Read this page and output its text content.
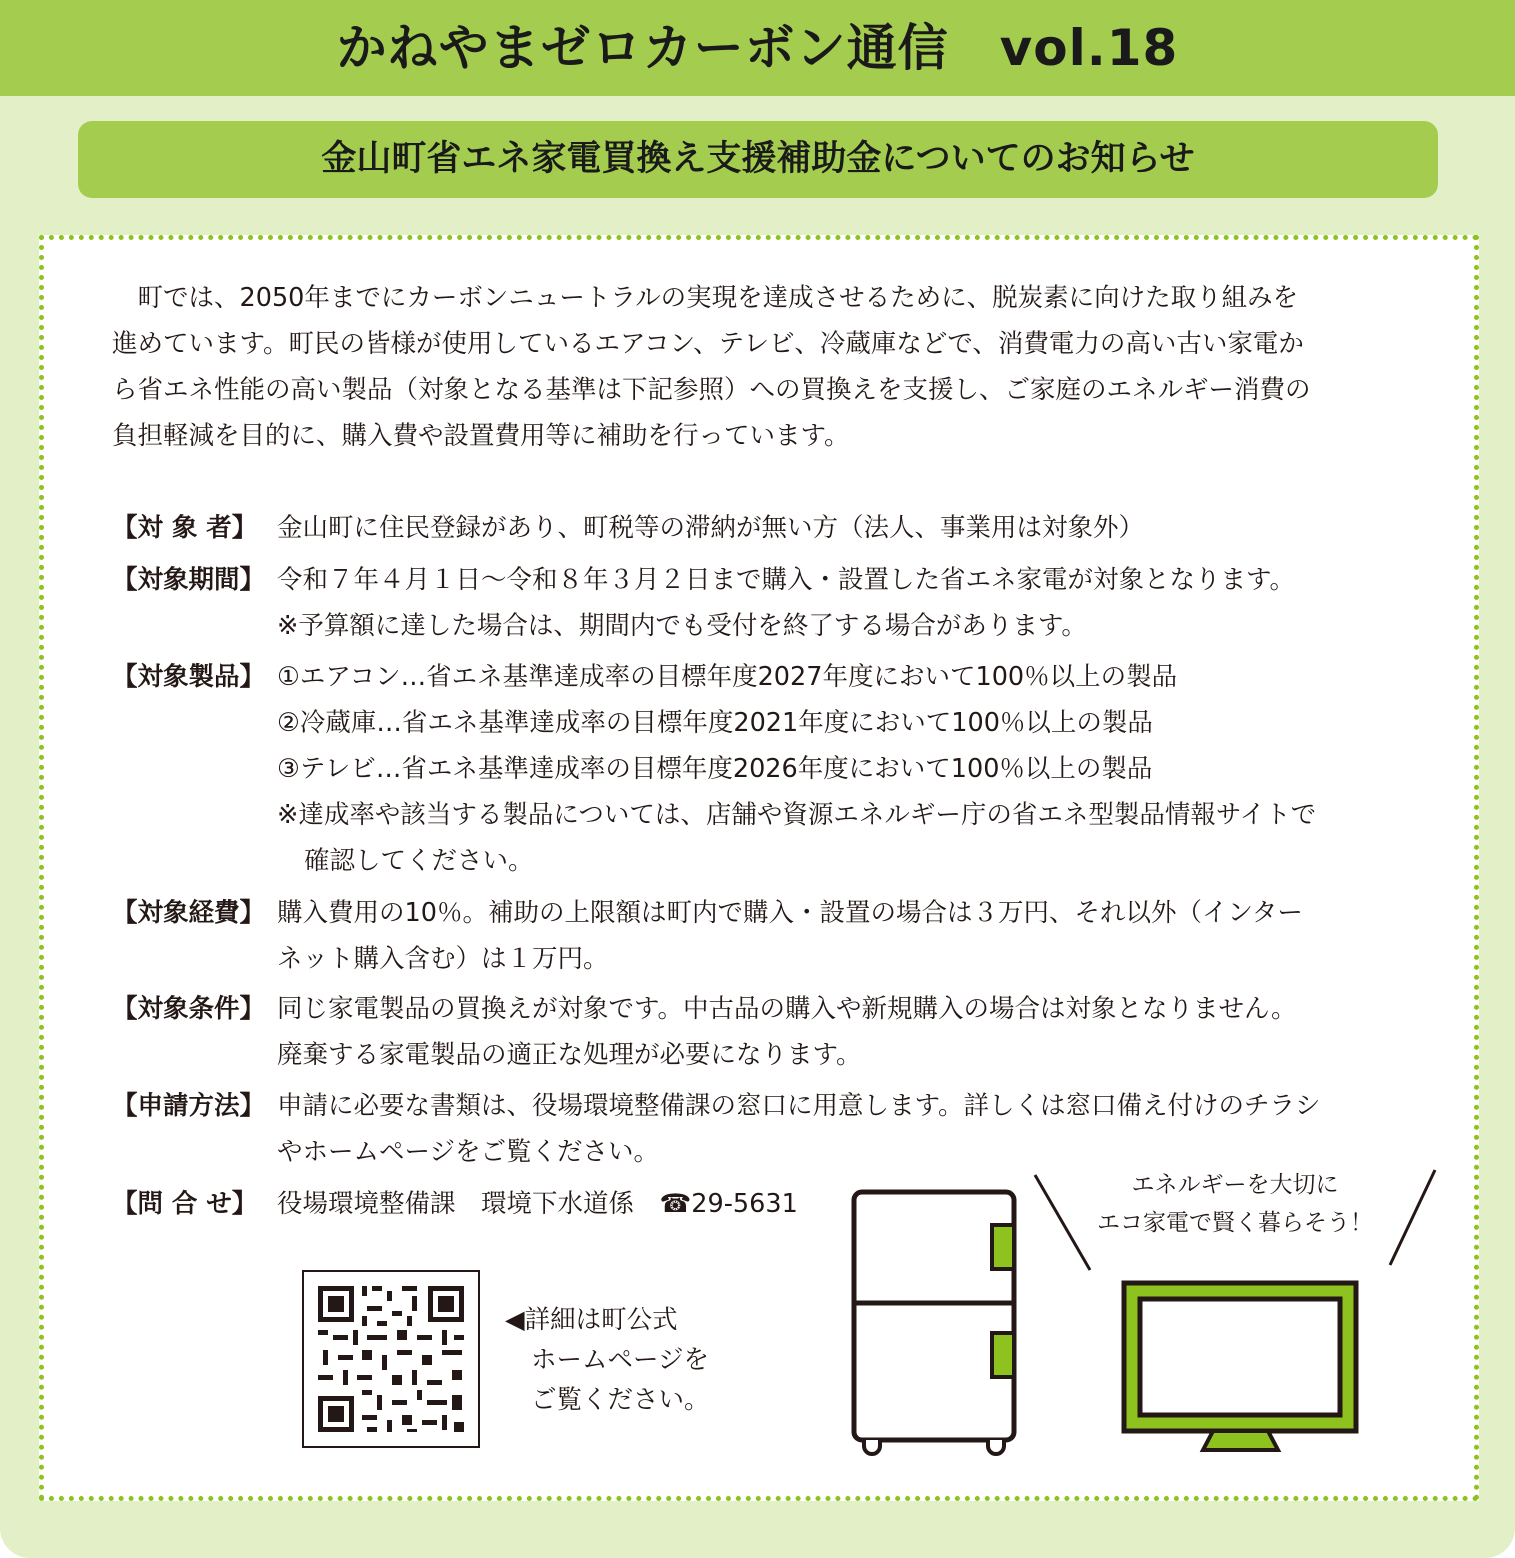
かねやまゼロカーボン通信　vol.18
金山町省エネ家電買換え支援補助金についてのお知らせ

　町では、2050年までにカーボンニュートラルの実現を達成させるために、脱炭素に向けた取り組みを
進めています。町民の皆様が使用しているエアコン、テレビ、冷蔵庫などで、消費電力の高い古い家電か
ら省エネ性能の高い製品（対象となる基準は下記参照）への買換えを支援し、ご家庭のエネルギー消費の
負担軽減を目的に、購入費や設置費用等に補助を行っています。

【対 象 者】 金山町に住民登録があり、町税等の滞納が無い方（法人、事業用は対象外）
【対象期間】 令和７年４月１日～令和８年３月２日まで購入・設置した省エネ家電が対象となります。
※予算額に達した場合は、期間内でも受付を終了する場合があります。
【対象製品】 ①エアコン…省エネ基準達成率の目標年度2027年度において100％以上の製品
②冷蔵庫…省エネ基準達成率の目標年度2021年度において100％以上の製品
③テレビ…省エネ基準達成率の目標年度2026年度において100％以上の製品
※達成率や該当する製品については、店舗や資源エネルギー庁の省エネ型製品情報サイトで
確認してください。
【対象経費】 購入費用の10％。補助の上限額は町内で購入・設置の場合は３万円、それ以外（インター
ネット購入含む）は１万円。
【対象条件】 同じ家電製品の買換えが対象です。中古品の購入や新規購入の場合は対象となりません。
廃棄する家電製品の適正な処理が必要になります。
【申請方法】 申請に必要な書類は、役場環境整備課の窓口に用意します。詳しくは窓口備え付けのチラシ
やホームページをご覧ください。
【問 合 せ】 役場環境整備課　環境下水道係　☎29-5631
◀詳細は町公式
ホームページを
ご覧ください。
エネルギーを大切に
エコ家電で賢く暮らそう！
